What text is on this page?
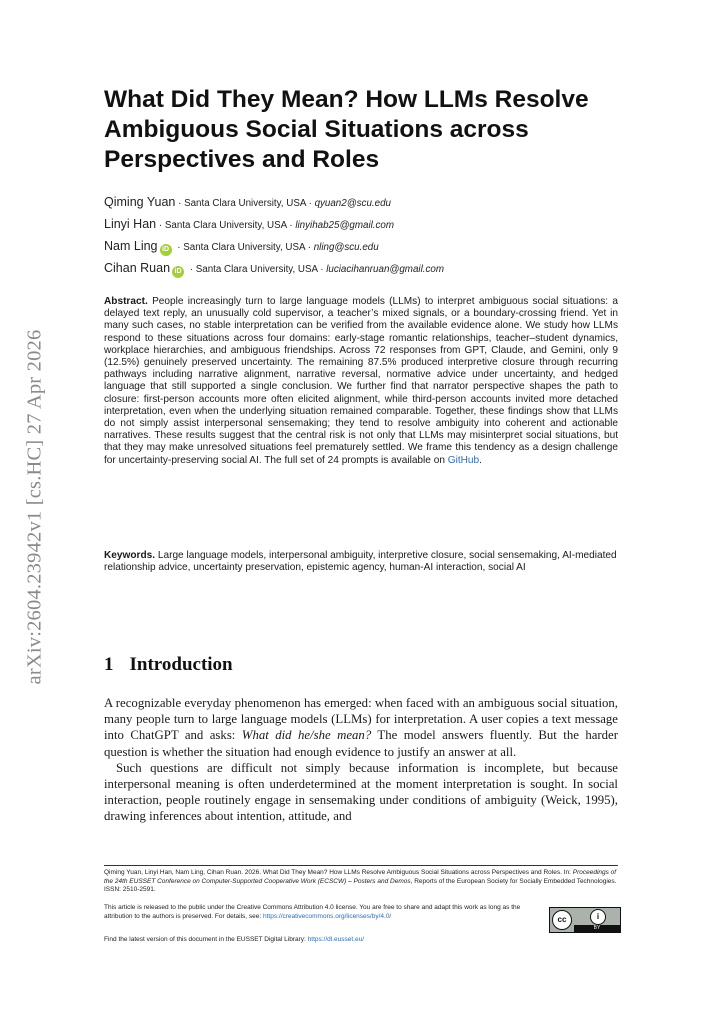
arXiv:2604.23942v1 [cs.HC] 27 Apr 2026
What Did They Mean? How LLMs Resolve Ambiguous Social Situations across Perspectives and Roles
Qiming Yuan · Santa Clara University, USA · qyuan2@scu.edu
Linyi Han · Santa Clara University, USA · linyihab25@gmail.com
Nam Ling iD · Santa Clara University, USA · nling@scu.edu
Cihan Ruan iD · Santa Clara University, USA · luciacihanruan@gmail.com

Abstract. People increasingly turn to large language models (LLMs) to interpret ambiguous social situations: a delayed text reply, an unusually cold supervisor, a teacher’s mixed signals, or a boundary-crossing friend. Yet in many such cases, no stable interpretation can be verified from the available evidence alone. We study how LLMs respond to these situations across four domains: early-stage romantic relationships, teacher–student dynamics, workplace hierarchies, and ambiguous friendships. Across 72 responses from GPT, Claude, and Gemini, only 9 (12.5%) genuinely preserved uncertainty. The remaining 87.5% produced interpretive closure through recurring pathways including narrative alignment, narrative reversal, normative advice under uncertainty, and hedged language that still supported a single conclusion. We further find that narrator perspective shapes the path to closure: first-person accounts more often elicited alignment, while third-person accounts invited more detached interpretation, even when the underlying situation remained comparable. Together, these findings show that LLMs do not simply assist interpersonal sensemaking; they tend to resolve ambiguity into coherent and actionable narratives. These results suggest that the central risk is not only that LLMs may misinterpret social situations, but that they may make unresolved situations feel prematurely settled. We frame this tendency as a design challenge for uncertainty-preserving social AI. The full set of 24 prompts is available on GitHub.

Keywords. Large language models, interpersonal ambiguity, interpretive closure, social sensemaking, AI-mediated relationship advice, uncertainty preservation, epistemic agency, human-AI interaction, social AI

1 Introduction

A recognizable everyday phenomenon has emerged: when faced with an ambiguous social situation, many people turn to large language models (LLMs) for interpretation. A user copies a text message into ChatGPT and asks: What did he/she mean? The model answers fluently. But the harder question is whether the situation had enough evidence to justify an answer at all.

Such questions are difficult not simply because information is incomplete, but because interpersonal meaning is often underdetermined at the moment interpretation is sought. In social interaction, people routinely engage in sensemaking under conditions of ambiguity (Weick, 1995), drawing inferences about intention, attitude, and

Qiming Yuan, Linyi Han, Nam Ling, Cihan Ruan. 2026. What Did They Mean? How LLMs Resolve Ambiguous Social Situations across Perspectives and Roles. In: Proceedings of the 24th EUSSET Conference on Computer-Supported Cooperative Work (ECSCW) – Posters and Demos, Reports of the European Society for Socially Embedded Technologies. ISSN: 2510-2591.
This article is released to the public under the Creative Commons Attribution 4.0 license. You are free to share and adapt this work as long as the attribution to the authors is preserved. For details, see: https://creativecommons.org/licenses/by/4.0/	cc	i
BY
Find the latest version of this document in the EUSSET Digital Library: https://dl.eusset.eu/
